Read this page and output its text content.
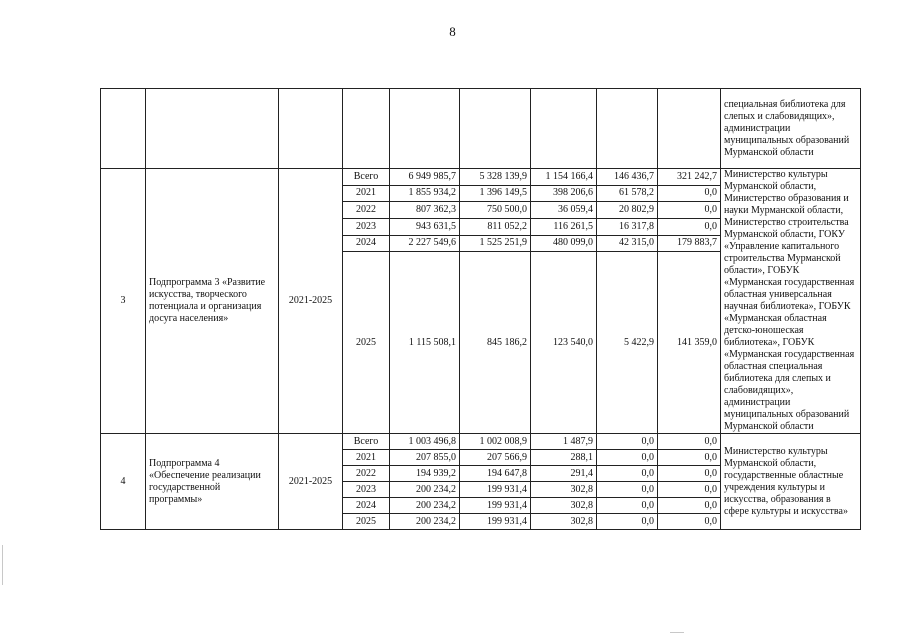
8
									специальная библиотека для слепых и слабовидящих», администрации муниципальных образований Мурманской области
3	Подпрограмма 3 «Развитие искусства, творческого потенциала и организация досуга населения»	2021-2025	Всего	6 949 985,7	5 328 139,9	1 154 166,4	146 436,7	321 242,7	Министерство культуры Мурманской области, Министерство образования и науки Мурманской области, Министерство строительства Мурманской области, ГОКУ «Управление капитального строительства Мурманской области», ГОБУК «Мурманская государственная областная универсальная научная библиотека», ГОБУК «Мурманская областная детско-юношеская библиотека», ГОБУК «Мурманская государственная областная специальная библиотека для слепых и слабовидящих», администрации муниципальных образований Мурманской области
			2021	1 855 934,2	1 396 149,5	398 206,6	61 578,2	0,0	
			2022	807 362,3	750 500,0	36 059,4	20 802,9	0,0	
			2023	943 631,5	811 052,2	116 261,5	16 317,8	0,0	
			2024	2 227 549,6	1 525 251,9	480 099,0	42 315,0	179 883,7	
			2025	1 115 508,1	845 186,2	123 540,0	5 422,9	141 359,0	
4	Подпрограмма 4 «Обеспечение реализации государственной программы»	2021-2025	Всего	1 003 496,8	1 002 008,9	1 487,9	0,0	0,0	Министерство культуры Мурманской области, государственные областные учреждения культуры и искусства, образования в сфере культуры и искусства»
			2021	207 855,0	207 566,9	288,1	0,0	0,0	
			2022	194 939,2	194 647,8	291,4	0,0	0,0	
			2023	200 234,2	199 931,4	302,8	0,0	0,0	
			2024	200 234,2	199 931,4	302,8	0,0	0,0	
			2025	200 234,2	199 931,4	302,8	0,0	0,0	
